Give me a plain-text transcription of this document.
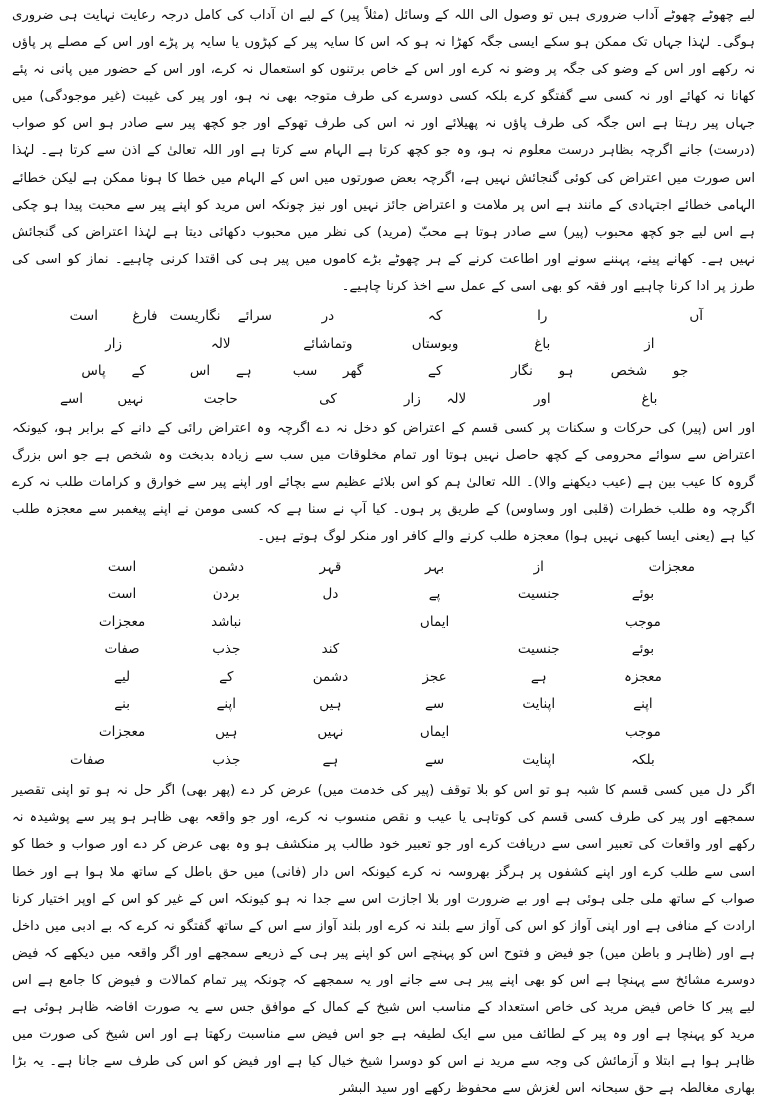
لیے چھوٹے چھوٹے آداب ضروری ہیں تو وصول الی اللہ کے وسائل (مثلاً پیر) کے لیے ان آداب کی کامل درجہ رعایت نہایت ہی ضروری ہوگی۔ لہٰذا جہاں تک ممکن ہو سکے ایسی جگہ کھڑا نہ ہو کہ اس کا سایہ پیر کے کپڑوں یا سایہ پر پڑے اور اس کے مصلے پر پاؤں نہ رکھے اور اس کے وضو کی جگہ پر وضو نہ کرے اور اس کے خاص برتنوں کو استعمال نہ کرے، اور اس کے حضور میں پانی نہ پئے کھانا نہ کھائے اور نہ کسی سے گفتگو کرے بلکہ کسی دوسرے کی طرف متوجہ بھی نہ ہو، اور پیر کی غیبت (غیر موجودگی) میں جہاں پیر رہتا ہے اس جگہ کی طرف پاؤں نہ پھیلائے اور نہ اس کی طرف تھوکے اور جو کچھ پیر سے صادر ہو اس کو صواب (درست) جانے اگرچہ بظاہر درست معلوم نہ ہو، وہ جو کچھ کرتا ہے الہام سے کرتا ہے اور اللہ تعالیٰ کے اذن سے کرتا ہے۔ لہٰذا اس صورت میں اعتراض کی کوئی گنجائش نہیں ہے، اگرچہ بعض صورتوں میں اس کے الہام میں خطا کا ہونا ممکن ہے لیکن خطائے الہامی خطائے اجتہادی کے مانند ہے اس پر ملامت و اعتراض جائز نہیں اور نیز چونکہ اس مرید کو اپنے پیر سے محبت پیدا ہو چکی ہے اس لیے جو کچھ محبوب (پیر) سے صادر ہوتا ہے محبّ (مرید) کی نظر میں محبوب دکھائی دیتا ہے لہٰذا اعتراض کی گنجائش نہیں ہے۔ کھانے پینے، پہننے سونے اور اطاعت کرنے کے ہر چھوٹے بڑے کاموں میں پیر ہی کی اقتدا کرنی چاہیے۔ نماز کو اسی کی طرز پر ادا کرنا چاہیے اور فقہ کو بھی اسی کے عمل سے اخذ کرنا چاہیے۔

آں
را
کہ
در
سرائے    نگاریست
فارغ        است
از
باغ
وبوستاں
وتماشائے
لالہ
زار
جو      شخص
ہو      نگار
کے
گھر      سب
ہے      اس
کے      پاس
باغ
اور
لالہ      زار
کی
حاجت
نہیں        اسے

اور اس (پیر) کی حرکات و سکنات پر کسی قسم کے اعتراض کو دخل نہ دے اگرچہ وہ اعتراض رائی کے دانے کے برابر ہو، کیونکہ اعتراض سے سوائے محرومی کے کچھ حاصل نہیں ہوتا اور تمام مخلوقات میں سب سے زیادہ بدبخت وہ شخص ہے جو اس بزرگ گروہ کا عیب بین ہے (عیب دیکھنے والا)۔ اللہ تعالیٰ ہم کو اس بلائے عظیم سے بچائے اور اپنے پیر سے خوارق و کرامات طلب نہ کرے اگرچہ وہ طلب خطرات (قلبی اور وساوس) کے طریق پر ہوں۔ کیا آپ نے سنا ہے کہ کسی مومن نے اپنے پیغمبر سے معجزہ طلب کیا ہے (یعنی ایسا کبھی نہیں ہوا) معجزہ طلب کرنے والے کافر اور منکر لوگ ہوتے ہیں۔

معجزات
از
بہر
قہر
دشمن
است
بوئے
جنسیت
پے
دل
بردن
است
موجب
ایماں
نباشد
معجزات
بوئے
جنسیت
کند
جذب
صفات
معجزہ
ہے
عجز
دشمن
کے
لیے
اپنے
اپنایت
سے
ہیں
اپنے
بنے
موجب
ایماں
نہیں
ہیں
معجزات
بلکہ
اپنایت
سے
ہے
جذب
صفات

اگر دل میں کسی قسم کا شبہ ہو تو اس کو بلا توقف (پیر کی خدمت میں) عرض کر دے (پھر بھی) اگر حل نہ ہو تو اپنی تقصیر سمجھے اور پیر کی طرف کسی قسم کی کوتاہی یا عیب و نقص منسوب نہ کرے، اور جو واقعہ بھی ظاہر ہو پیر سے پوشیدہ نہ رکھے اور واقعات کی تعبیر اسی سے دریافت کرے اور جو تعبیر خود طالب پر منکشف ہو وہ بھی عرض کر دے اور صواب و خطا کو اسی سے طلب کرے اور اپنے کشفوں پر ہرگز بھروسہ نہ کرے کیونکہ اس دار (فانی) میں حق باطل کے ساتھ ملا ہوا ہے اور خطا صواب کے ساتھ ملی جلی ہوئی ہے اور بے ضرورت اور بلا اجازت اس سے جدا نہ ہو کیونکہ اس کے غیر کو اس کے اوپر اختیار کرنا ارادت کے منافی ہے اور اپنی آواز کو اس کی آواز سے بلند نہ کرے اور بلند آواز سے اس کے ساتھ گفتگو نہ کرے کہ بے ادبی میں داخل ہے اور (ظاہر و باطن میں) جو فیض و فتوح اس کو پہنچے اس کو اپنے پیر ہی کے ذریعے سمجھے اور اگر واقعہ میں دیکھے کہ فیض دوسرے مشائخ سے پہنچا ہے اس کو بھی اپنے پیر ہی سے جانے اور یہ سمجھے کہ چونکہ پیر تمام کمالات و فیوض کا جامع ہے اس لیے پیر کا خاص فیض مرید کی خاص استعداد کے مناسب اس شیخ کے کمال کے موافق جس سے یہ صورت افاضہ ظاہر ہوئی ہے مرید کو پہنچا ہے اور وہ پیر کے لطائف میں سے ایک لطیفہ ہے جو اس فیض سے مناسبت رکھتا ہے اور اس شیخ کی صورت میں ظاہر ہوا ہے ابتلا و آزمائش کی وجہ سے مرید نے اس کو دوسرا شیخ خیال کیا ہے اور فیض کو اس کی طرف سے جانا ہے۔ یہ بڑا بھاری مغالطہ ہے حق سبحانہ اس لغزش سے محفوظ رکھے اور سید البشر
